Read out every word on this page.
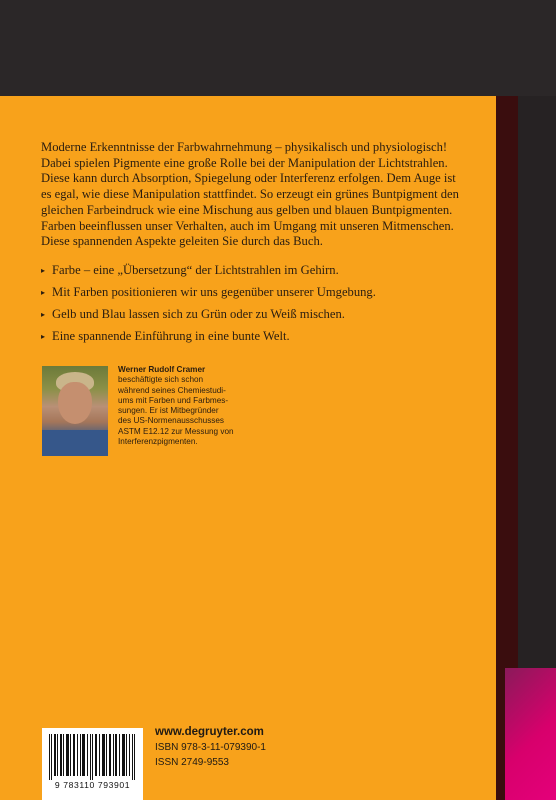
Moderne Erkenntnisse der Farbwahrnehmung – physikalisch und physiologisch!
Dabei spielen Pigmente eine große Rolle bei der Manipulation der Lichtstrahlen.
Diese kann durch Absorption, Spiegelung oder Interferenz erfolgen. Dem Auge ist
es egal, wie diese Manipulation stattfindet. So erzeugt ein grünes Buntpigment den
gleichen Farbeindruck wie eine Mischung aus gelben und blauen Buntpigmenten.
Farben beeinflussen unser Verhalten, auch im Umgang mit unseren Mitmenschen.
Diese spannenden Aspekte geleiten Sie durch das Buch.
▸ Farbe – eine „Übersetzung“ der Lichtstrahlen im Gehirn.
▸ Mit Farben positionieren wir uns gegenüber unserer Umgebung.
▸ Gelb und Blau lassen sich zu Grün oder zu Weiß mischen.
▸ Eine spannende Einführung in eine bunte Welt.
Werner Rudolf Cramer
beschäftigte sich schon
während seines Chemiestudi-
ums mit Farben und Farbmes-
sungen. Er ist Mitbegründer
des US-Normenausschusses
ASTM E12.12 zur Messung von
Interferenzpigmenten.
9 783110 793901
www.degruyter.com
ISBN 978-3-11-079390-1
ISSN 2749-9553
